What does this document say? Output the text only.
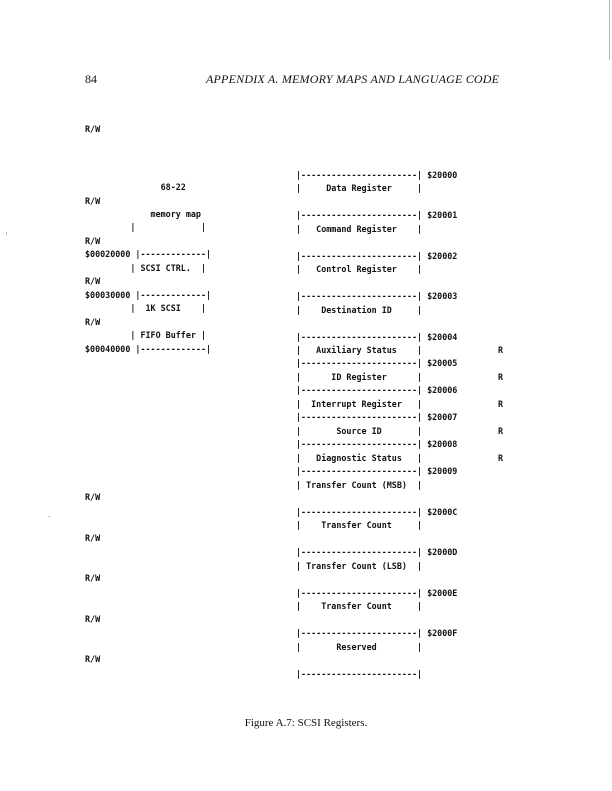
84	APPENDIX A. MEMORY MAPS AND LANGUAGE CODE
R/W
68-22
R/W
memory map
|             |
R/W
$00020000 |-------------|
| SCSI CTRL.  |
R/W
$00030000 |-------------|
|  1K SCSI    |
R/W
| FIFO Buffer |
$00040000 |-------------|
R/W
R/W
R/W
R/W
R/W
|-----------------------| $20000
|     Data Register     |
|-----------------------| $20001
|   Command Register    |
|-----------------------| $20002
|   Control Register    |
|-----------------------| $20003
|    Destination ID     |
|-----------------------| $20004
|   Auxiliary Status    |
|-----------------------| $20005
|      ID Register      |
|-----------------------| $20006
|  Interrupt Register   |
|-----------------------| $20007
|       Source ID       |
|-----------------------| $20008
|   Diagnostic Status   |
|-----------------------| $20009
| Transfer Count (MSB)  |
|-----------------------| $2000C
|    Transfer Count     |
|-----------------------| $2000D
| Transfer Count (LSB)  |
|-----------------------| $2000E
|    Transfer Count     |
|-----------------------| $2000F
|       Reserved        |
|-----------------------|
R
R
R
R
R
Figure A.7: SCSI Registers.
